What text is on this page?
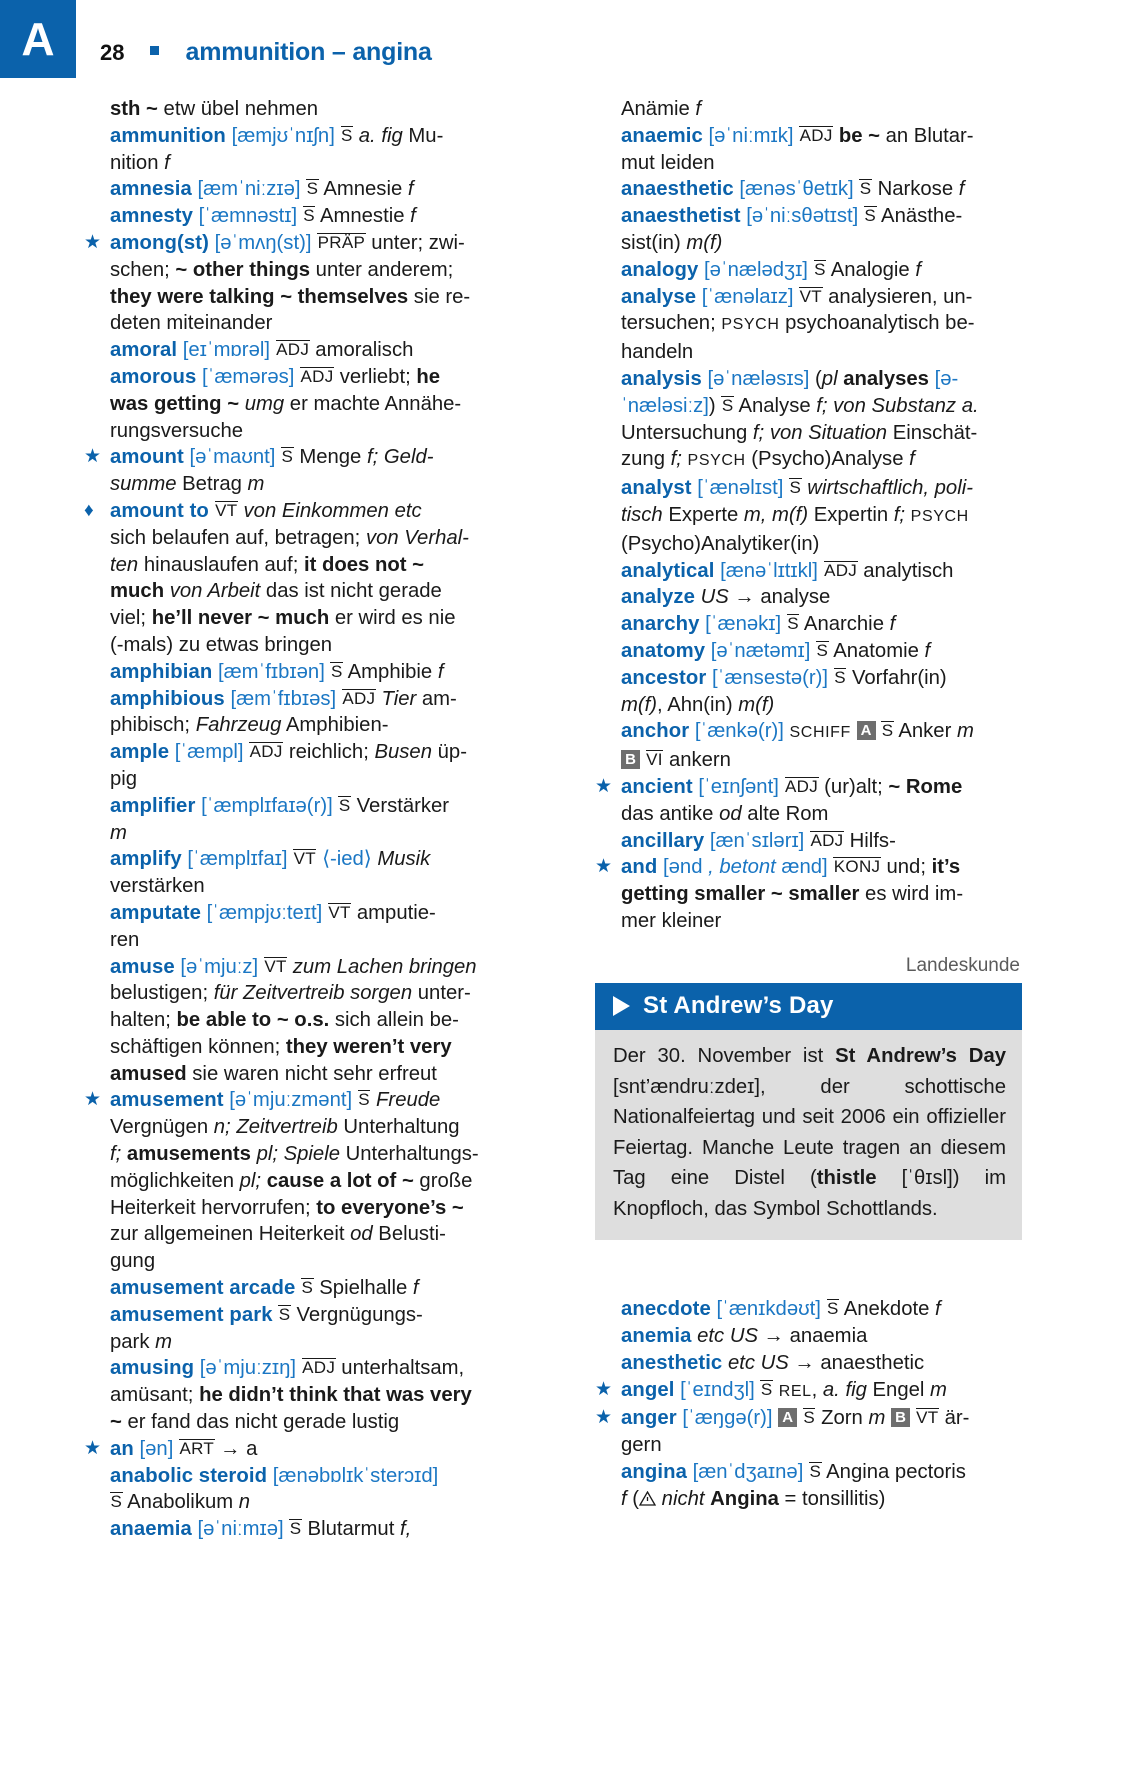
A	28 ammunition – angina
sth ~ etw übel nehmen
ammunition [æmjʊˈnɪʃn] S a. fig Mu-
nition f
amnesia [æmˈniːzɪə] S Amnesie f
amnesty [ˈæmnəstɪ] S Amnestie f
★ among(st) [əˈmʌŋ(st)] PRÄP unter; zwi-
schen; ~ other things unter anderem;
they were talking ~ themselves sie re-
deten miteinander
amoral [eɪˈmɒrəl] ADJ amoralisch
amorous [ˈæmərəs] ADJ verliebt; he
was getting ~ umg er machte Annähe-
rungsversuche
★ amount [əˈmaʊnt] S Menge f; Geld-
summe Betrag m
♦ amount to VT von Einkommen etc
sich belaufen auf, betragen; von Verhal-
ten hinauslaufen auf; it does not ~
much von Arbeit das ist nicht gerade
viel; he’ll never ~ much er wird es nie
(-mals) zu etwas bringen
amphibian [æmˈfɪbɪən] S Amphibie f
amphibious [æmˈfɪbɪəs] ADJ Tier am-
phibisch; Fahrzeug Amphibien-
ample [ˈæmpl] ADJ reichlich; Busen üp-
pig
amplifier [ˈæmplɪfaɪə(r)] S Verstärker
m
amplify [ˈæmplɪfaɪ] VT ⟨-ied⟩ Musik
verstärken
amputate [ˈæmpjʊːteɪt] VT amputie-
ren
amuse [əˈmjuːz] VT zum Lachen bringen
belustigen; für Zeitvertreib sorgen unter-
halten; be able to ~ o.s. sich allein be-
schäftigen können; they weren’t very
amused sie waren nicht sehr erfreut
★ amusement [əˈmjuːzmənt] S Freude
Vergnügen n; Zeitvertreib Unterhaltung
f; amusements pl; Spiele Unterhaltungs-
möglichkeiten pl; cause a lot of ~ große
Heiterkeit hervorrufen; to everyone’s ~
zur allgemeinen Heiterkeit od Belusti-
gung
amusement arcade S Spielhalle f
amusement park S Vergnügungs-
park m
amusing [əˈmjuːzɪŋ] ADJ unterhaltsam,
amüsant; he didn’t think that was very
~ er fand das nicht gerade lustig
★ an [ən] ART → a
anabolic steroid [ænəbɒlɪkˈsterɔɪd]
S Anabolikum n
anaemia [əˈniːmɪə] S Blutarmut f,
Anämie f
anaemic [əˈniːmɪk] ADJ be ~ an Blutar-
mut leiden
anaesthetic [ænəsˈθetɪk] S Narkose f
anaesthetist [əˈniːsθətɪst] S Anästhe-
sist(in) m(f)
analogy [əˈnælədʒɪ] S Analogie f
analyse [ˈænəlaɪz] VT analysieren, un-
tersuchen; PSYCH psychoanalytisch be-
handeln
analysis [əˈnæləsɪs] (pl analyses [ə-
ˈnæləsiːz]) S Analyse f; von Substanz a.
Untersuchung f; von Situation Einschät-
zung f; PSYCH (Psycho)Analyse f
analyst [ˈænəlɪst] S wirtschaftlich, poli-
tisch Experte m, m(f) Expertin f; PSYCH
(Psycho)Analytiker(in)
analytical [ænəˈlɪtɪkl] ADJ analytisch
analyze US → analyse
anarchy [ˈænəkɪ] S Anarchie f
anatomy [əˈnætəmɪ] S Anatomie f
ancestor [ˈænsestə(r)] S Vorfahr(in)
m(f), Ahn(in) m(f)
anchor [ˈænkə(r)] SCHIFF A S Anker m
B VI ankern
★ ancient [ˈeɪnʃənt] ADJ (ur)alt; ~ Rome
das antike od alte Rom
ancillary [ænˈsɪlərɪ] ADJ Hilfs-
★ and [ənd , betont ænd] KONJ und; it’s
getting smaller ~ smaller es wird im-
mer kleiner
Landeskunde
St Andrew’s Day
Der 30. November ist St Andrew’s Day [snt’ændruːzdeɪ], der schottische Nationalfeiertag und seit 2006 ein offizieller Feiertag. Manche Leute tragen an diesem Tag eine Distel (thistle [ˈθɪsl]) im Knopfloch, das Symbol Schottlands.
anecdote [ˈænɪkdəʊt] S Anekdote f
anemia etc US → anaemia
anesthetic etc US → anaesthetic
★ angel [ˈeɪndʒl] S REL, a. fig Engel m
★ anger [ˈæŋgə(r)] A S Zorn m B VT är-
gern
angina [ænˈdʒaɪnə] S Angina pectoris
f ( nicht Angina = tonsillitis)
